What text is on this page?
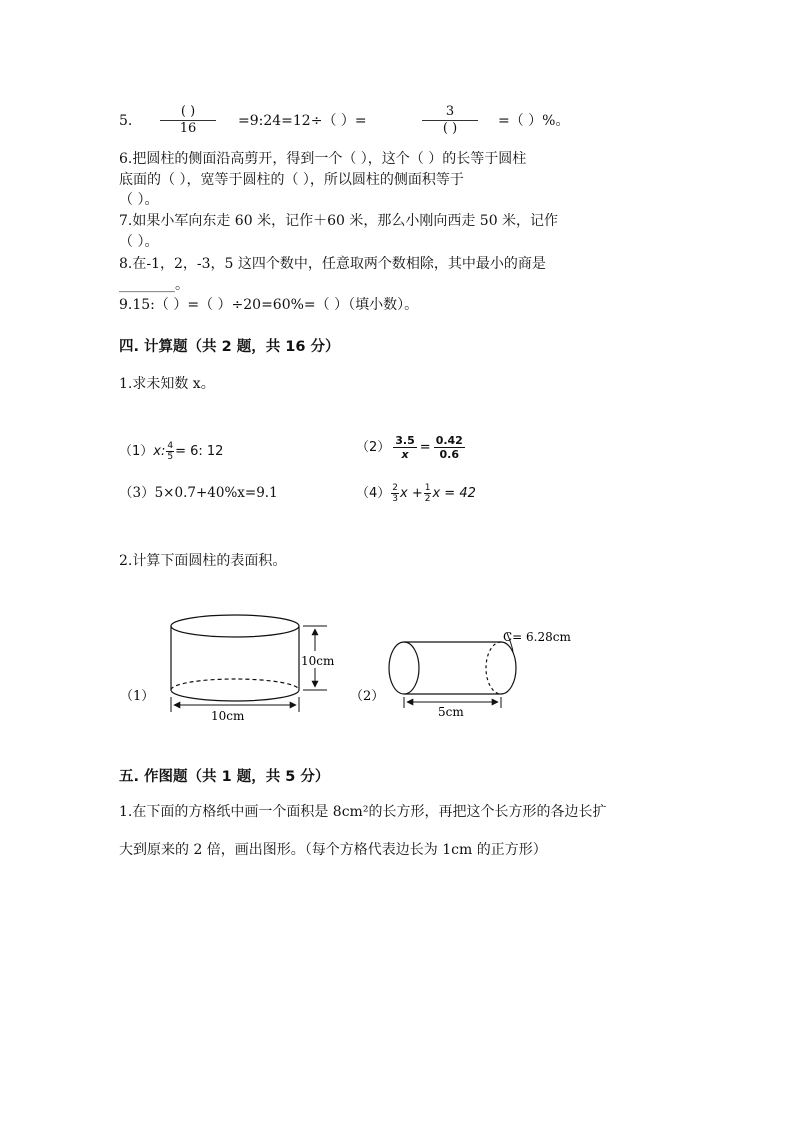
5.
( )
16	=9:24=12÷（ ）=
3
( )	=（ ）%。
6.把圆柱的侧面沿高剪开，得到一个（ ），这个（ ）的长等于圆柱
底面的（ ），宽等于圆柱的（ ），所以圆柱的侧面积等于
（ ）。
7.如果小军向东走 60 米，记作＋60 米，那么小刚向西走 50 米，记作
（ ）。
8.在-1，2，-3，5 这四个数中，任意取两个数相除，其中最小的商是
________。
9.15:（ ）=（ ）÷20=60%=（ ）（填小数）。
四. 计算题（共 2 题，共 16 分）
1.求未知数 x。
（1）x: $\frac{4}{5} = 6$: 12	$(2) \frac{3.5}{x} = \frac{0.42}{0.6}$
（3）5×0.7+40%x=9.1	$(4) \frac{2}{3}$ $x + \frac{1}{2}$ x = 42
2.计算下面圆柱的表面积。
（1）
10cm
10cm
（2）
C= 6.28cm
5cm
五. 作图题（共 1 题，共 5 分）
1.在下面的方格纸中画一个面积是 8cm²的长方形，再把这个长方形的各边长扩
大到原来的 2 倍，画出图形。（每个方格代表边长为 1cm 的正方形）
